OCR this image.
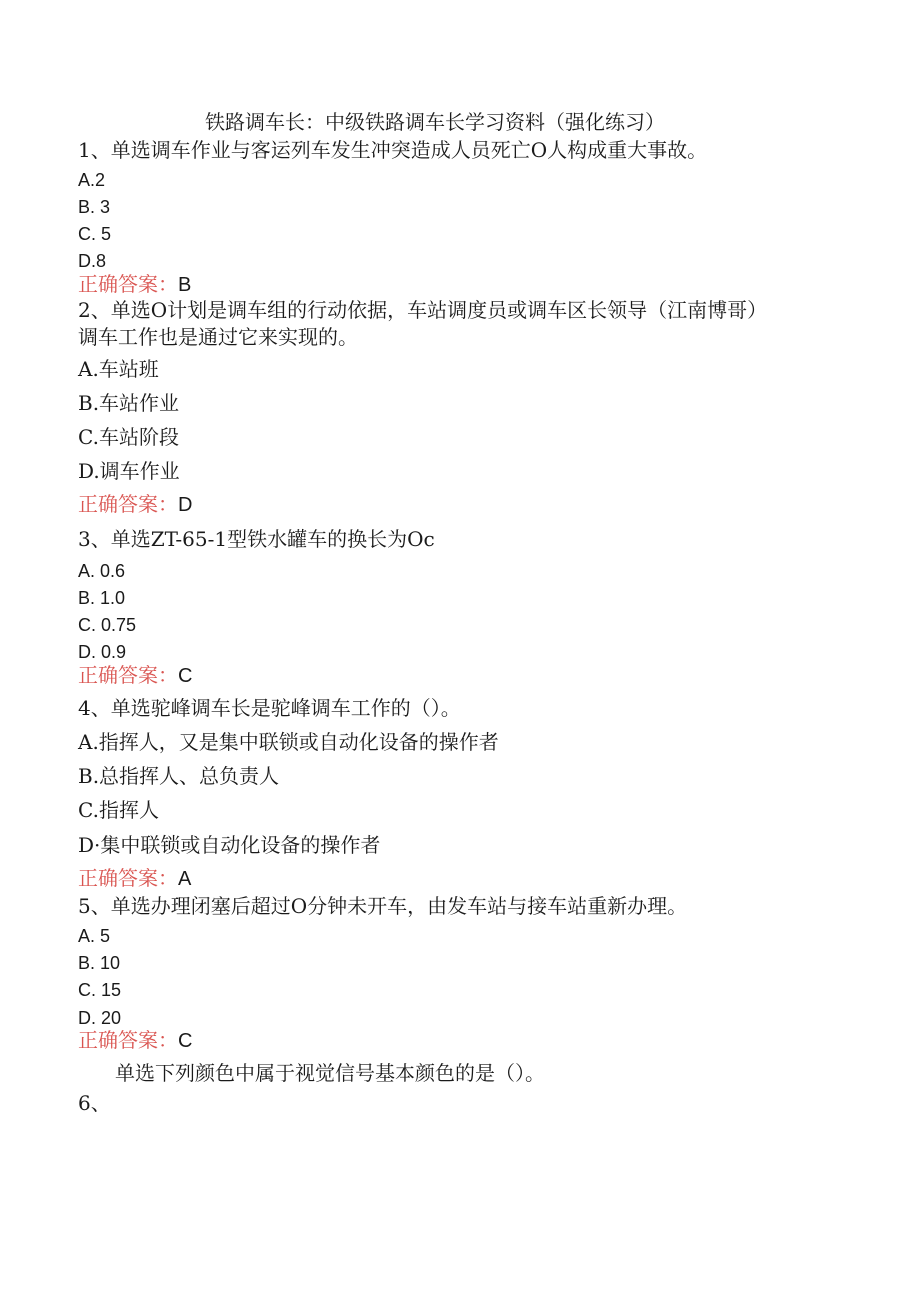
铁路调车长：中级铁路调车长学习资料（强化练习）
1、单选调车作业与客运列车发生冲突造成人员死亡O人构成重大事故。
A.2
B. 3
C. 5
D.8
正确答案：B
2、单选O计划是调车组的行动依据，车站调度员或调车区长领导（江南博哥）
调车工作也是通过它来实现的。
A.车站班
B.车站作业
C.车站阶段
D.调车作业
正确答案：D
3、单选ZT-65-1型铁水罐车的换长为Oc
A. 0.6
B. 1.0
C. 0.75
D. 0.9
正确答案：C
4、单选驼峰调车长是驼峰调车工作的（）。
A.指挥人，又是集中联锁或自动化设备的操作者
B.总指挥人、总负责人
C.指挥人
D·集中联锁或自动化设备的操作者
正确答案：A
5、单选办理闭塞后超过O分钟未开车，由发车站与接车站重新办理。
A. 5
B. 10
C. 15
D. 20
正确答案：C
单选下列颜色中属于视觉信号基本颜色的是（）。
6、
